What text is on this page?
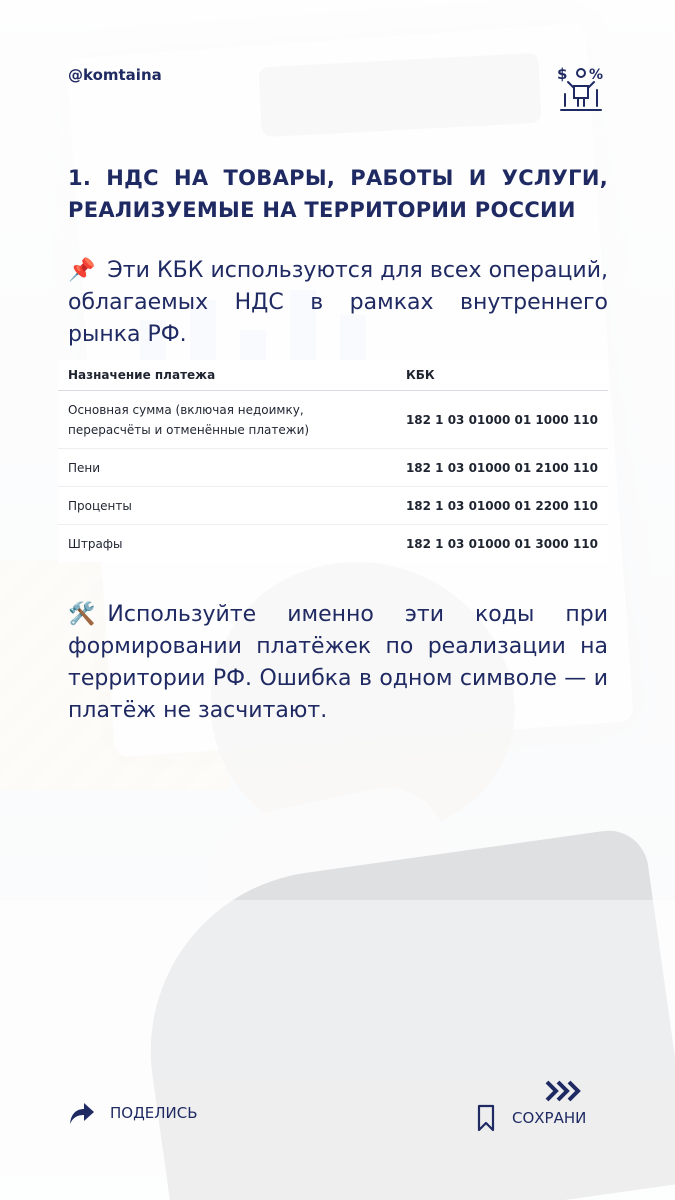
@komtaina	$ %
1. НДС НА ТОВАРЫ, РАБОТЫ И УСЛУГИ, РЕАЛИЗУЕМЫЕ НА ТЕРРИТОРИИ РОССИИ
📌 Эти КБК используются для всех операций, облагаемых НДС в рамках внутреннего рынка РФ.
Назначение платежа	КБК
Основная сумма (включая недоимку, перерасчёты и отменённые платежи)	182 1 03 01000 01 1000 110
Пени	182 1 03 01000 01 2100 110
Проценты	182 1 03 01000 01 2200 110
Штрафы	182 1 03 01000 01 3000 110
🛠️ Используйте именно эти коды при формировании платёжек по реализации на территории РФ. Ошибка в одном символе — и платёж не засчитают.
ПОДЕЛИСЬ	СОХРАНИ
